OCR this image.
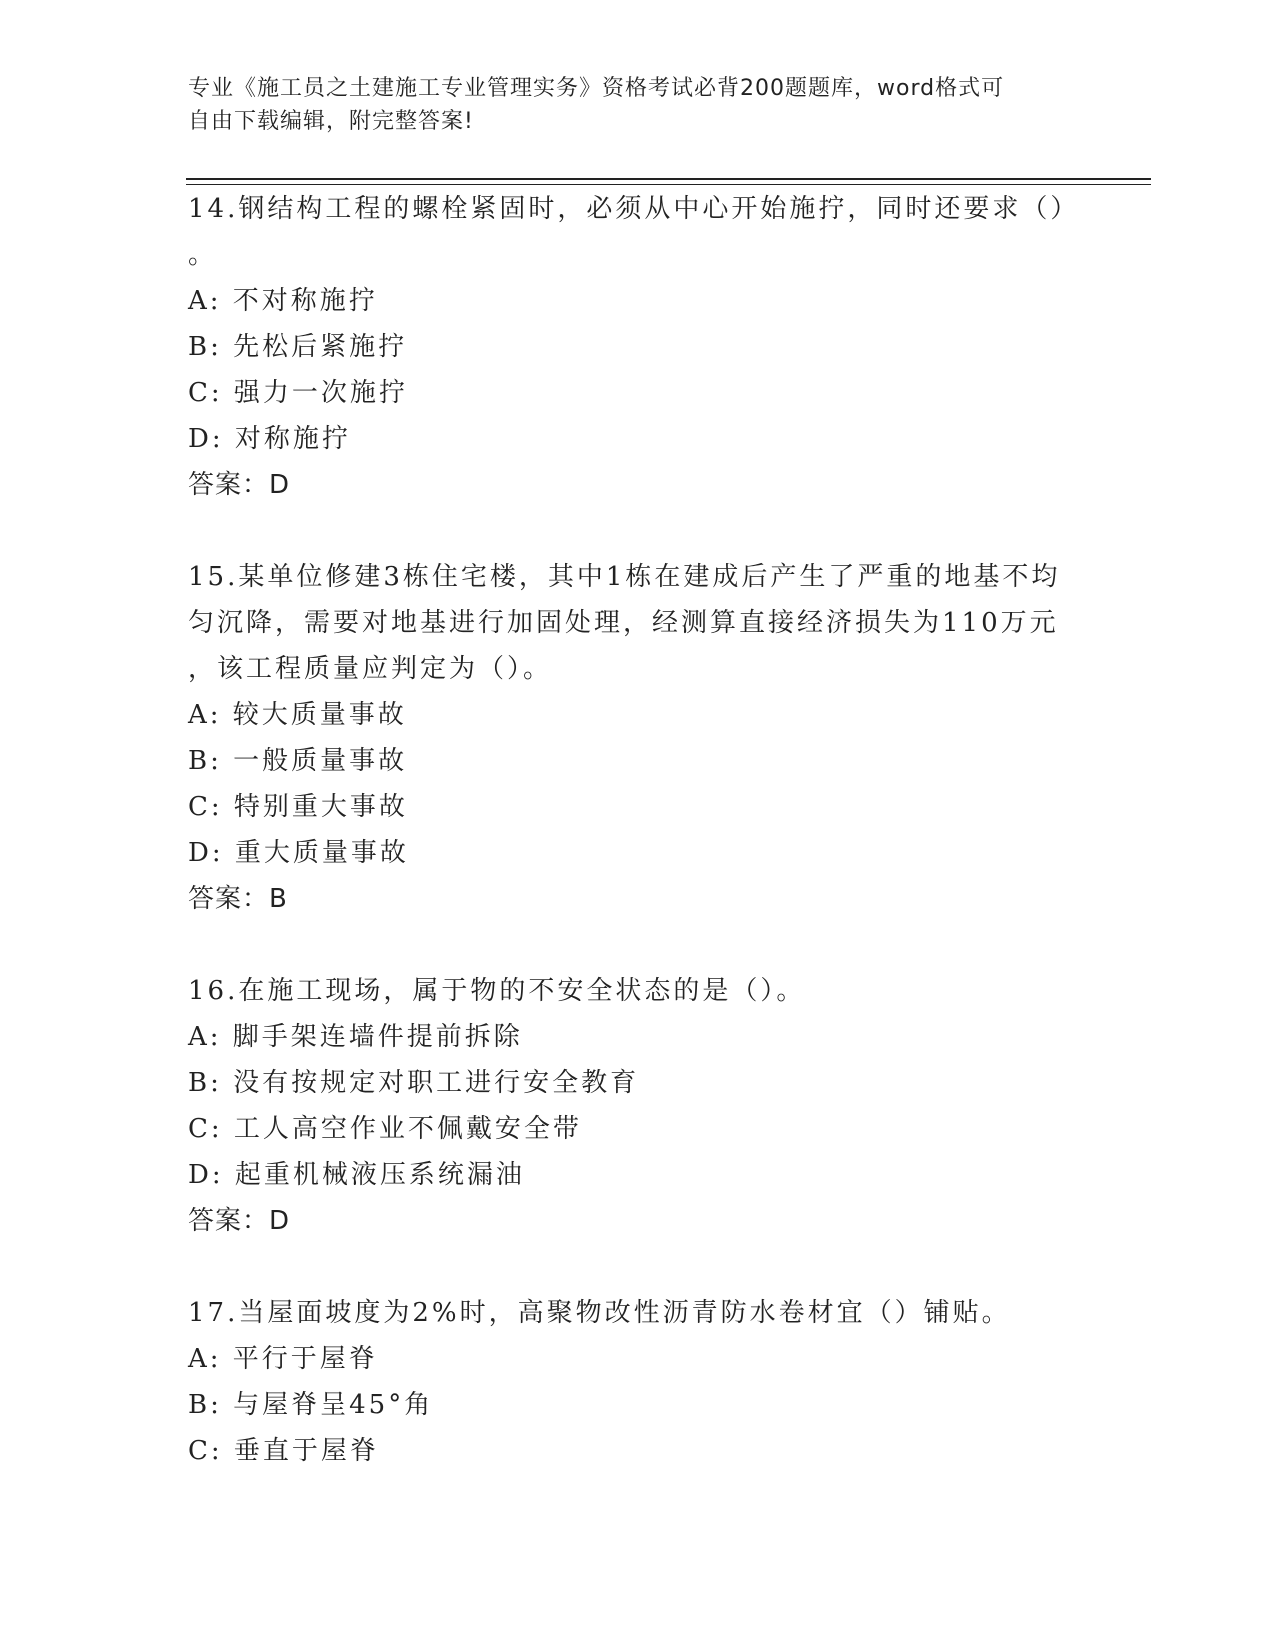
专业《施工员之土建施工专业管理实务》资格考试必背200题题库，word格式可
自由下载编辑，附完整答案!
14.钢结构工程的螺栓紧固时，必须从中心开始施拧，同时还要求（）
。
A: 不对称施拧
B: 先松后紧施拧
C: 强力一次施拧
D: 对称施拧
答案：D
15.某单位修建3栋住宅楼，其中1栋在建成后产生了严重的地基不均
匀沉降，需要对地基进行加固处理，经测算直接经济损失为110万元
，该工程质量应判定为（）。
A: 较大质量事故
B: 一般质量事故
C: 特别重大事故
D: 重大质量事故
答案：B
16.在施工现场，属于物的不安全状态的是（）。
A: 脚手架连墙件提前拆除
B: 没有按规定对职工进行安全教育
C: 工人高空作业不佩戴安全带
D: 起重机械液压系统漏油
答案：D
17.当屋面坡度为2%时，高聚物改性沥青防水卷材宜（）铺贴。
A: 平行于屋脊
B: 与屋脊呈45°角
C: 垂直于屋脊
